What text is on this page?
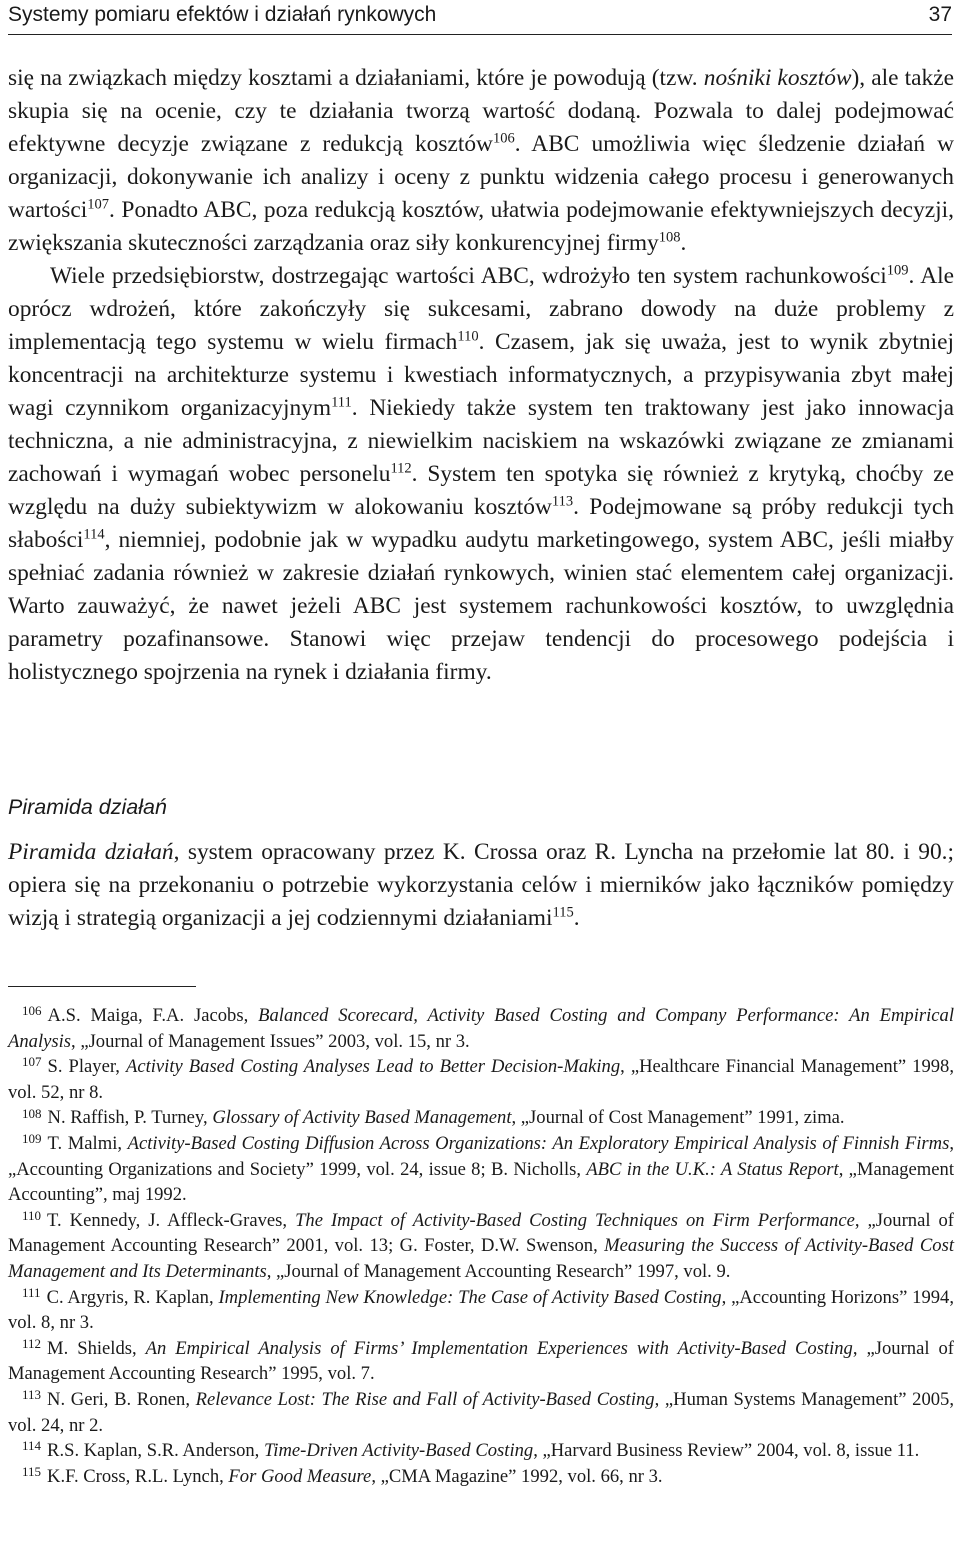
Systemy pomiaru efektów i działań rynkowych	37

się na związkach między kosztami a działaniami, które je powodują (tzw. nośniki kosztów), ale także skupia się na ocenie, czy te działania tworzą wartość dodaną. Pozwala to dalej podejmować efektywne decyzje związane z redukcją kosztów$^{106}$. ABC umożliwia więc śledzenie działań w organizacji, dokonywanie ich analizy i oceny z punktu widzenia całego procesu i generowanych wartości$^{107}$. Ponadto ABC, poza redukcją kosztów, ułatwia podejmowanie efektywniejszych decyzji, zwiększania skuteczności zarządzania oraz siły konkurencyjnej firmy$^{108}$.

Wiele przedsiębiorstw, dostrzegając wartości ABC, wdrożyło ten system rachunkowości$^{109}$. Ale oprócz wdrożeń, które zakończyły się sukcesami, zabrano dowody na duże problemy z implementacją tego systemu w wielu firmach$^{110}$. Czasem, jak się uważa, jest to wynik zbytniej koncentracji na architekturze systemu i kwestiach informatycznych, a przypisywania zbyt małej wagi czynnikom organizacyjnym$^{111}$. Niekiedy także system ten traktowany jest jako innowacja techniczna, a nie administracyjna, z niewielkim naciskiem na wskazówki związane ze zmianami zachowań i wymagań wobec personelu$^{112}$. System ten spotyka się również z krytyką, choćby ze względu na duży subiektywizm w alokowaniu kosztów$^{113}$. Podejmowane są próby redukcji tych słabości$^{114}$, niemniej, podobnie jak w wypadku audytu marketingowego, system ABC, jeśli miałby spełniać zadania również w zakresie działań rynkowych, winien stać elementem całej organizacji. Warto zauważyć, że nawet jeżeli ABC jest systemem rachunkowości kosztów, to uwzględnia parametry pozafinansowe. Stanowi więc przejaw tendencji do procesowego podejścia i holistycznego spojrzenia na rynek i działania firmy.

Piramida działań
Piramida działań, system opracowany przez K. Crossa oraz R. Lyncha na przełomie lat 80. i 90.; opiera się na przekonaniu o potrzebie wykorzystania celów i mierników jako łączników pomiędzy wizją i strategią organizacji a jej codziennymi działaniami$^{115}$.

$^{106}$ A.S. Maiga, F.A. Jacobs, Balanced Scorecard, Activity Based Costing and Company Performance: An Empirical Analysis, „Journal of Management Issues” 2003, vol. 15, nr 3.

$^{107}$ S. Player, Activity Based Costing Analyses Lead to Better Decision-Making, „Healthcare Financial Management” 1998, vol. 52, nr 8.

$^{108}$ N. Raffish, P. Turney, Glossary of Activity Based Management, „Journal of Cost Management” 1991, zima.

$^{109}$ T. Malmi, Activity-Based Costing Diffusion Across Organizations: An Exploratory Empirical Analysis of Finnish Firms, „Accounting Organizations and Society” 1999, vol. 24, issue 8; B. Nicholls, ABC in the U.K.: A Status Report, „Management Accounting”, maj 1992.

$^{110}$ T. Kennedy, J. Affleck-Graves, The Impact of Activity-Based Costing Techniques on Firm Performance, „Journal of Management Accounting Research” 2001, vol. 13; G. Foster, D.W. Swenson, Measuring the Success of Activity-Based Cost Management and Its Determinants, „Journal of Management Accounting Research” 1997, vol. 9.

$^{111}$ C. Argyris, R. Kaplan, Implementing New Knowledge: The Case of Activity Based Costing, „Accounting Horizons” 1994, vol. 8, nr 3.

$^{112}$ M. Shields, An Empirical Analysis of Firms’ Implementation Experiences with Activity-Based Costing, „Journal of Management Accounting Research” 1995, vol. 7.

$^{113}$ N. Geri, B. Ronen, Relevance Lost: The Rise and Fall of Activity-Based Costing, „Human Systems Management” 2005, vol. 24, nr 2.

$^{114}$ R.S. Kaplan, S.R. Anderson, Time-Driven Activity-Based Costing, „Harvard Business Review” 2004, vol. 8, issue 11.

$^{115}$ K.F. Cross, R.L. Lynch, For Good Measure, „CMA Magazine” 1992, vol. 66, nr 3.
